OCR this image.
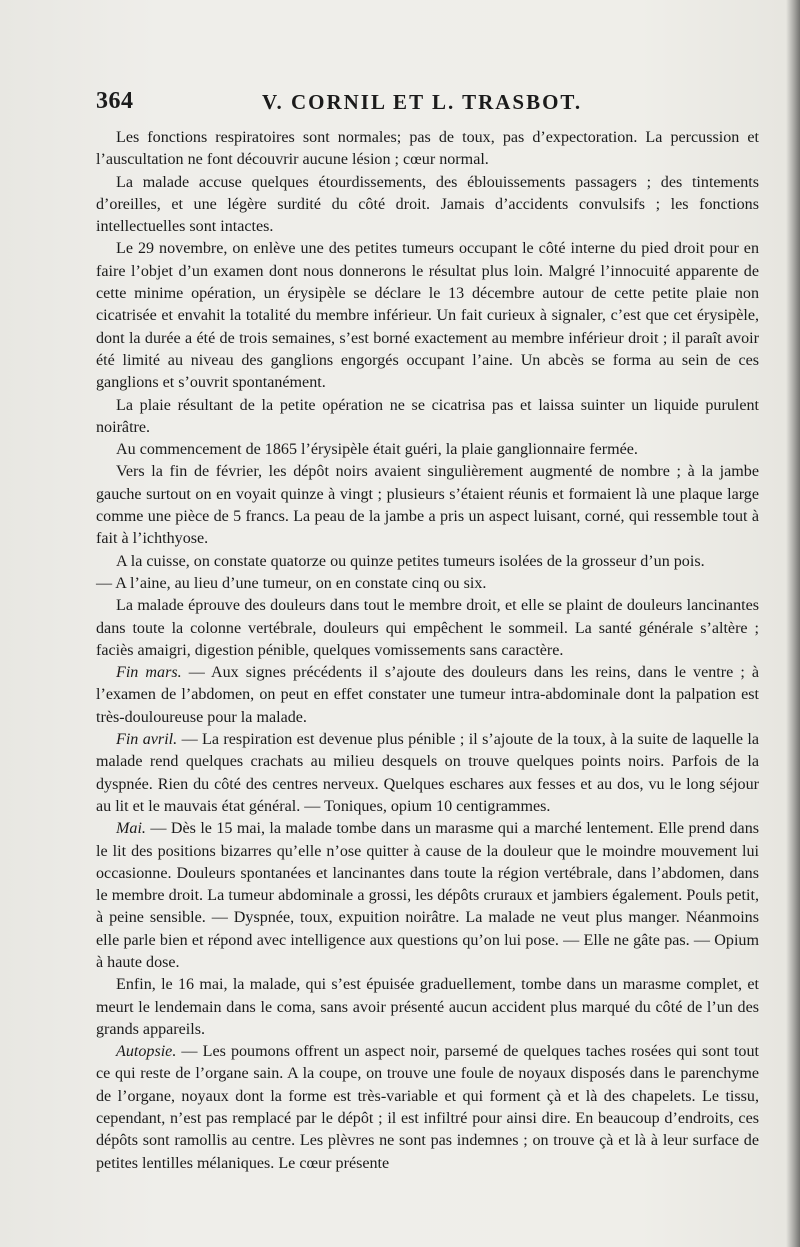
364	V. CORNIL ET L. TRASBOT.

Les fonctions respiratoires sont normales; pas de toux, pas d’expectoration. La percussion et l’auscultation ne font découvrir aucune lésion ; cœur normal.

La malade accuse quelques étourdissements, des éblouissements passagers ; des tintements d’oreilles, et une légère surdité du côté droit. Jamais d’accidents convulsifs ; les fonctions intellectuelles sont intactes.

Le 29 novembre, on enlève une des petites tumeurs occupant le côté interne du pied droit pour en faire l’objet d’un examen dont nous donnerons le résultat plus loin. Malgré l’innocuité apparente de cette minime opération, un érysipèle se déclare le 13 décembre autour de cette petite plaie non cicatrisée et envahit la totalité du membre inférieur. Un fait curieux à signaler, c’est que cet érysipèle, dont la durée a été de trois semaines, s’est borné exactement au membre inférieur droit ; il paraît avoir été limité au niveau des ganglions engorgés occupant l’aine. Un abcès se forma au sein de ces ganglions et s’ouvrit spontanément.

La plaie résultant de la petite opération ne se cicatrisa pas et laissa suinter un liquide purulent noirâtre.

Au commencement de 1865 l’érysipèle était guéri, la plaie ganglionnaire fermée.

Vers la fin de février, les dépôt noirs avaient singulièrement augmenté de nombre ; à la jambe gauche surtout on en voyait quinze à vingt ; plusieurs s’étaient réunis et formaient là une plaque large comme une pièce de 5 francs. La peau de la jambe a pris un aspect luisant, corné, qui ressemble tout à fait à l’ichthyose.

A la cuisse, on constate quatorze ou quinze petites tumeurs isolées de la grosseur d’un pois.

— A l’aine, au lieu d’une tumeur, on en constate cinq ou six.

La malade éprouve des douleurs dans tout le membre droit, et elle se plaint de douleurs lancinantes dans toute la colonne vertébrale, douleurs qui empêchent le sommeil. La santé générale s’altère ; faciès amaigri, digestion pénible, quelques vomissements sans caractère.

Fin mars. — Aux signes précédents il s’ajoute des douleurs dans les reins, dans le ventre ; à l’examen de l’abdomen, on peut en effet constater une tumeur intra-abdominale dont la palpation est très-douloureuse pour la malade.

Fin avril. — La respiration est devenue plus pénible ; il s’ajoute de la toux, à la suite de laquelle la malade rend quelques crachats au milieu desquels on trouve quelques points noirs. Parfois de la dyspnée. Rien du côté des centres nerveux. Quelques eschares aux fesses et au dos, vu le long séjour au lit et le mauvais état général. — Toniques, opium 10 centigrammes.

Mai. — Dès le 15 mai, la malade tombe dans un marasme qui a marché lentement. Elle prend dans le lit des positions bizarres qu’elle n’ose quitter à cause de la douleur que le moindre mouvement lui occasionne. Douleurs spontanées et lancinantes dans toute la région vertébrale, dans l’abdomen, dans le membre droit. La tumeur abdominale a grossi, les dépôts cruraux et jambiers également. Pouls petit, à peine sensible. — Dyspnée, toux, expuition noirâtre. La malade ne veut plus manger. Néanmoins elle parle bien et répond avec intelligence aux questions qu’on lui pose. — Elle ne gâte pas. — Opium à haute dose.

Enfin, le 16 mai, la malade, qui s’est épuisée graduellement, tombe dans un marasme complet, et meurt le lendemain dans le coma, sans avoir présenté aucun accident plus marqué du côté de l’un des grands appareils.

Autopsie. — Les poumons offrent un aspect noir, parsemé de quelques taches rosées qui sont tout ce qui reste de l’organe sain. A la coupe, on trouve une foule de noyaux disposés dans le parenchyme de l’organe, noyaux dont la forme est très-variable et qui forment çà et là des chapelets. Le tissu, cependant, n’est pas remplacé par le dépôt ; il est infiltré pour ainsi dire. En beaucoup d’endroits, ces dépôts sont ramollis au centre. Les plèvres ne sont pas indemnes ; on trouve çà et là à leur surface de petites lentilles mélaniques. Le cœur présente
